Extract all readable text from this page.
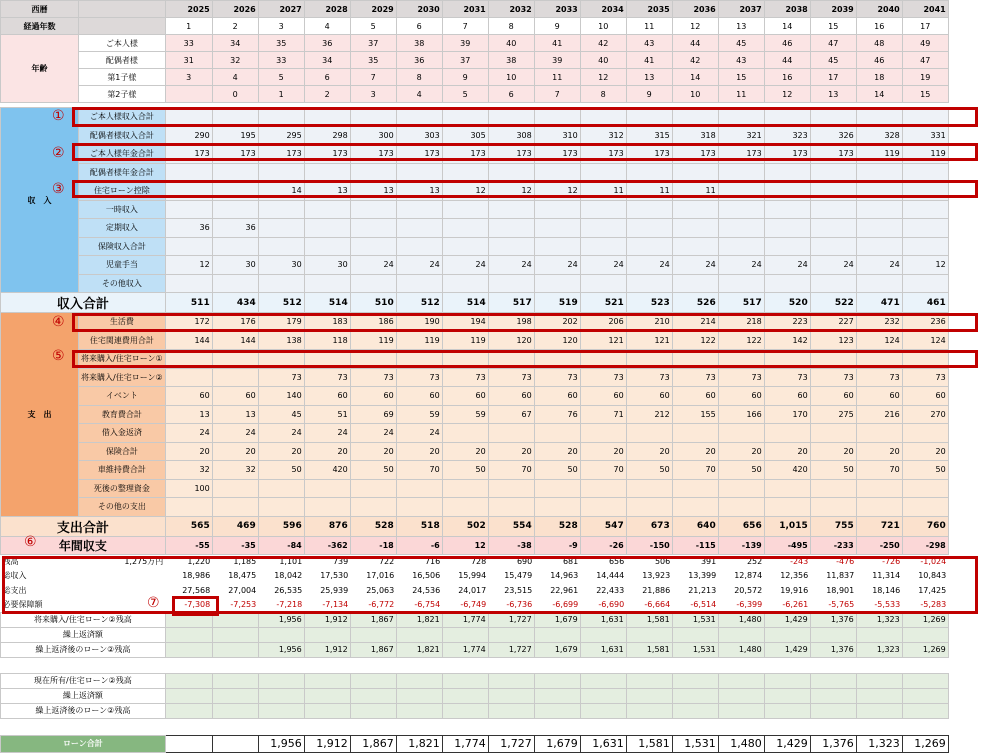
西暦		2025	2026	2027	2028	2029	2030	2031	2032	2033	2034	2035	2036	2037	2038	2039	2040	2041
経過年数		1	2	3	4	5	6	7	8	9	10	11	12	13	14	15	16	17
年齢	ご本人様	33	34	35	36	37	38	39	40	41	42	43	44	45	46	47	48	49
	配偶者様	31	32	33	34	35	36	37	38	39	40	41	42	43	44	45	46	47
	第1子様	3	4	5	6	7	8	9	10	11	12	13	14	15	16	17	18	19
	第2子様		0	1	2	3	4	5	6	7	8	9	10	11	12	13	14	15

収　入	ご本人様収入合計																	
	配偶者様収入合計	290	195	295	298	300	303	305	308	310	312	315	318	321	323	326	328	331
	ご本人様年金合計	173	173	173	173	173	173	173	173	173	173	173	173	173	173	173	119	119
	配偶者様年金合計																	
	住宅ローン控除			14	13	13	13	12	12	12	11	11	11					
	一時収入																	
	定期収入	36	36															
	保険収入合計																	
	児童手当	12	30	30	30	24	24	24	24	24	24	24	24	24	24	24	24	12
	その他収入																	
収入合計		511	434	512	514	510	512	514	517	519	521	523	526	517	520	522	471	461
支　出	生活費	172	176	179	183	186	190	194	198	202	206	210	214	218	223	227	232	236
	住宅関連費用合計	144	144	138	118	119	119	119	120	120	121	121	122	122	142	123	124	124
	将来購入/住宅ローン①																	
	将来購入/住宅ローン②			73	73	73	73	73	73	73	73	73	73	73	73	73	73	73
	イベント	60	60	140	60	60	60	60	60	60	60	60	60	60	60	60	60	60
	教育費合計	13	13	45	51	69	59	59	67	76	71	212	155	166	170	275	216	270
	借入金返済	24	24	24	24	24	24											
	保険合計	20	20	20	20	20	20	20	20	20	20	20	20	20	20	20	20	20
	車維持費合計	32	32	50	420	50	70	50	70	50	70	50	70	50	420	50	70	50
	死後の整理資金	100																
	その他の支出																	
支出合計		565	469	596	876	528	518	502	554	528	547	673	640	656	1,015	755	721	760
年間収支		-55	-35	-84	-362	-18	-6	12	-38	-9	-26	-150	-115	-139	-495	-233	-250	-298
残高	1,275万円	1,220	1,185	1,101	739	722	716	728	690	681	656	506	391	252	-243	-476	-726	-1,024
総収入		18,986	18,475	18,042	17,530	17,016	16,506	15,994	15,479	14,963	14,444	13,923	13,399	12,874	12,356	11,837	11,314	10,843
総支出		27,568	27,004	26,535	25,939	25,063	24,536	24,017	23,515	22,961	22,433	21,886	21,213	20,572	19,916	18,901	18,146	17,425
必要保障額		-7,308	-7,253	-7,218	-7,134	-6,772	-6,754	-6,749	-6,736	-6,699	-6,690	-6,664	-6,514	-6,399	-6,261	-5,765	-5,533	-5,283
将来購入/住宅ローン②残高				1,956	1,912	1,867	1,821	1,774	1,727	1,679	1,631	1,581	1,531	1,480	1,429	1,376	1,323	1,269
繰上返済額																		
繰上返済後のローン②残高				1,956	1,912	1,867	1,821	1,774	1,727	1,679	1,631	1,581	1,531	1,480	1,429	1,376	1,323	1,269

現在所有/住宅ローン②残高																		
繰上返済額																		
繰上返済後のローン②残高																		

ローン合計				1,956	1,912	1,867	1,821	1,774	1,727	1,679	1,631	1,581	1,531	1,480	1,429	1,376	1,323	1,269
①
②
③
④
⑤
⑥
⑦
